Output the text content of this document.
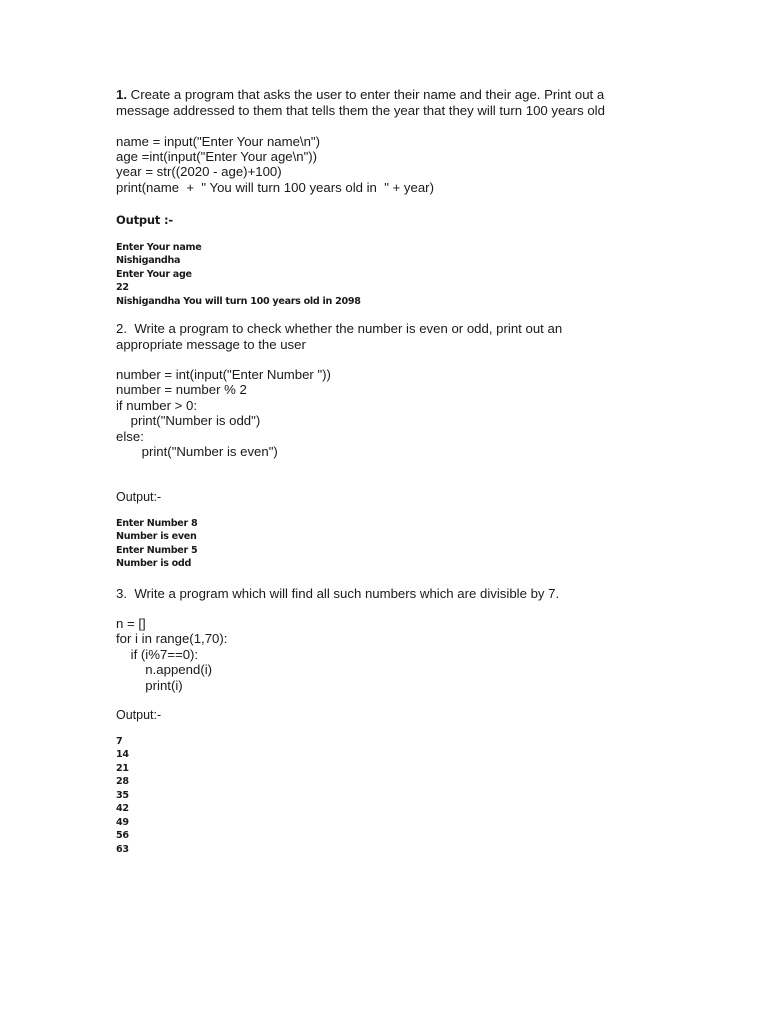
1. Create a program that asks the user to enter their name and their age. Print out a
message addressed to them that tells them the year that they will turn 100 years old
name = input("Enter Your name\n")
age =int(input("Enter Your age\n"))
year = str((2020 - age)+100)
print(name  +  " You will turn 100 years old in  " + year)
Output :-
Enter Your name
Nishigandha
Enter Your age
22
Nishigandha You will turn 100 years old in 2098
2.  Write a program to check whether the number is even or odd, print out an
appropriate message to the user
number = int(input("Enter Number "))
number = number % 2
if number > 0:
print("Number is odd")
else:
print("Number is even")
Output:-
Enter Number 8
Number is even
Enter Number 5
Number is odd
3.  Write a program which will find all such numbers which are divisible by 7.
n = []
for i in range(1,70):
if (i%7==0):
n.append(i)
print(i)
Output:-
7
14
21
28
35
42
49
56
63
